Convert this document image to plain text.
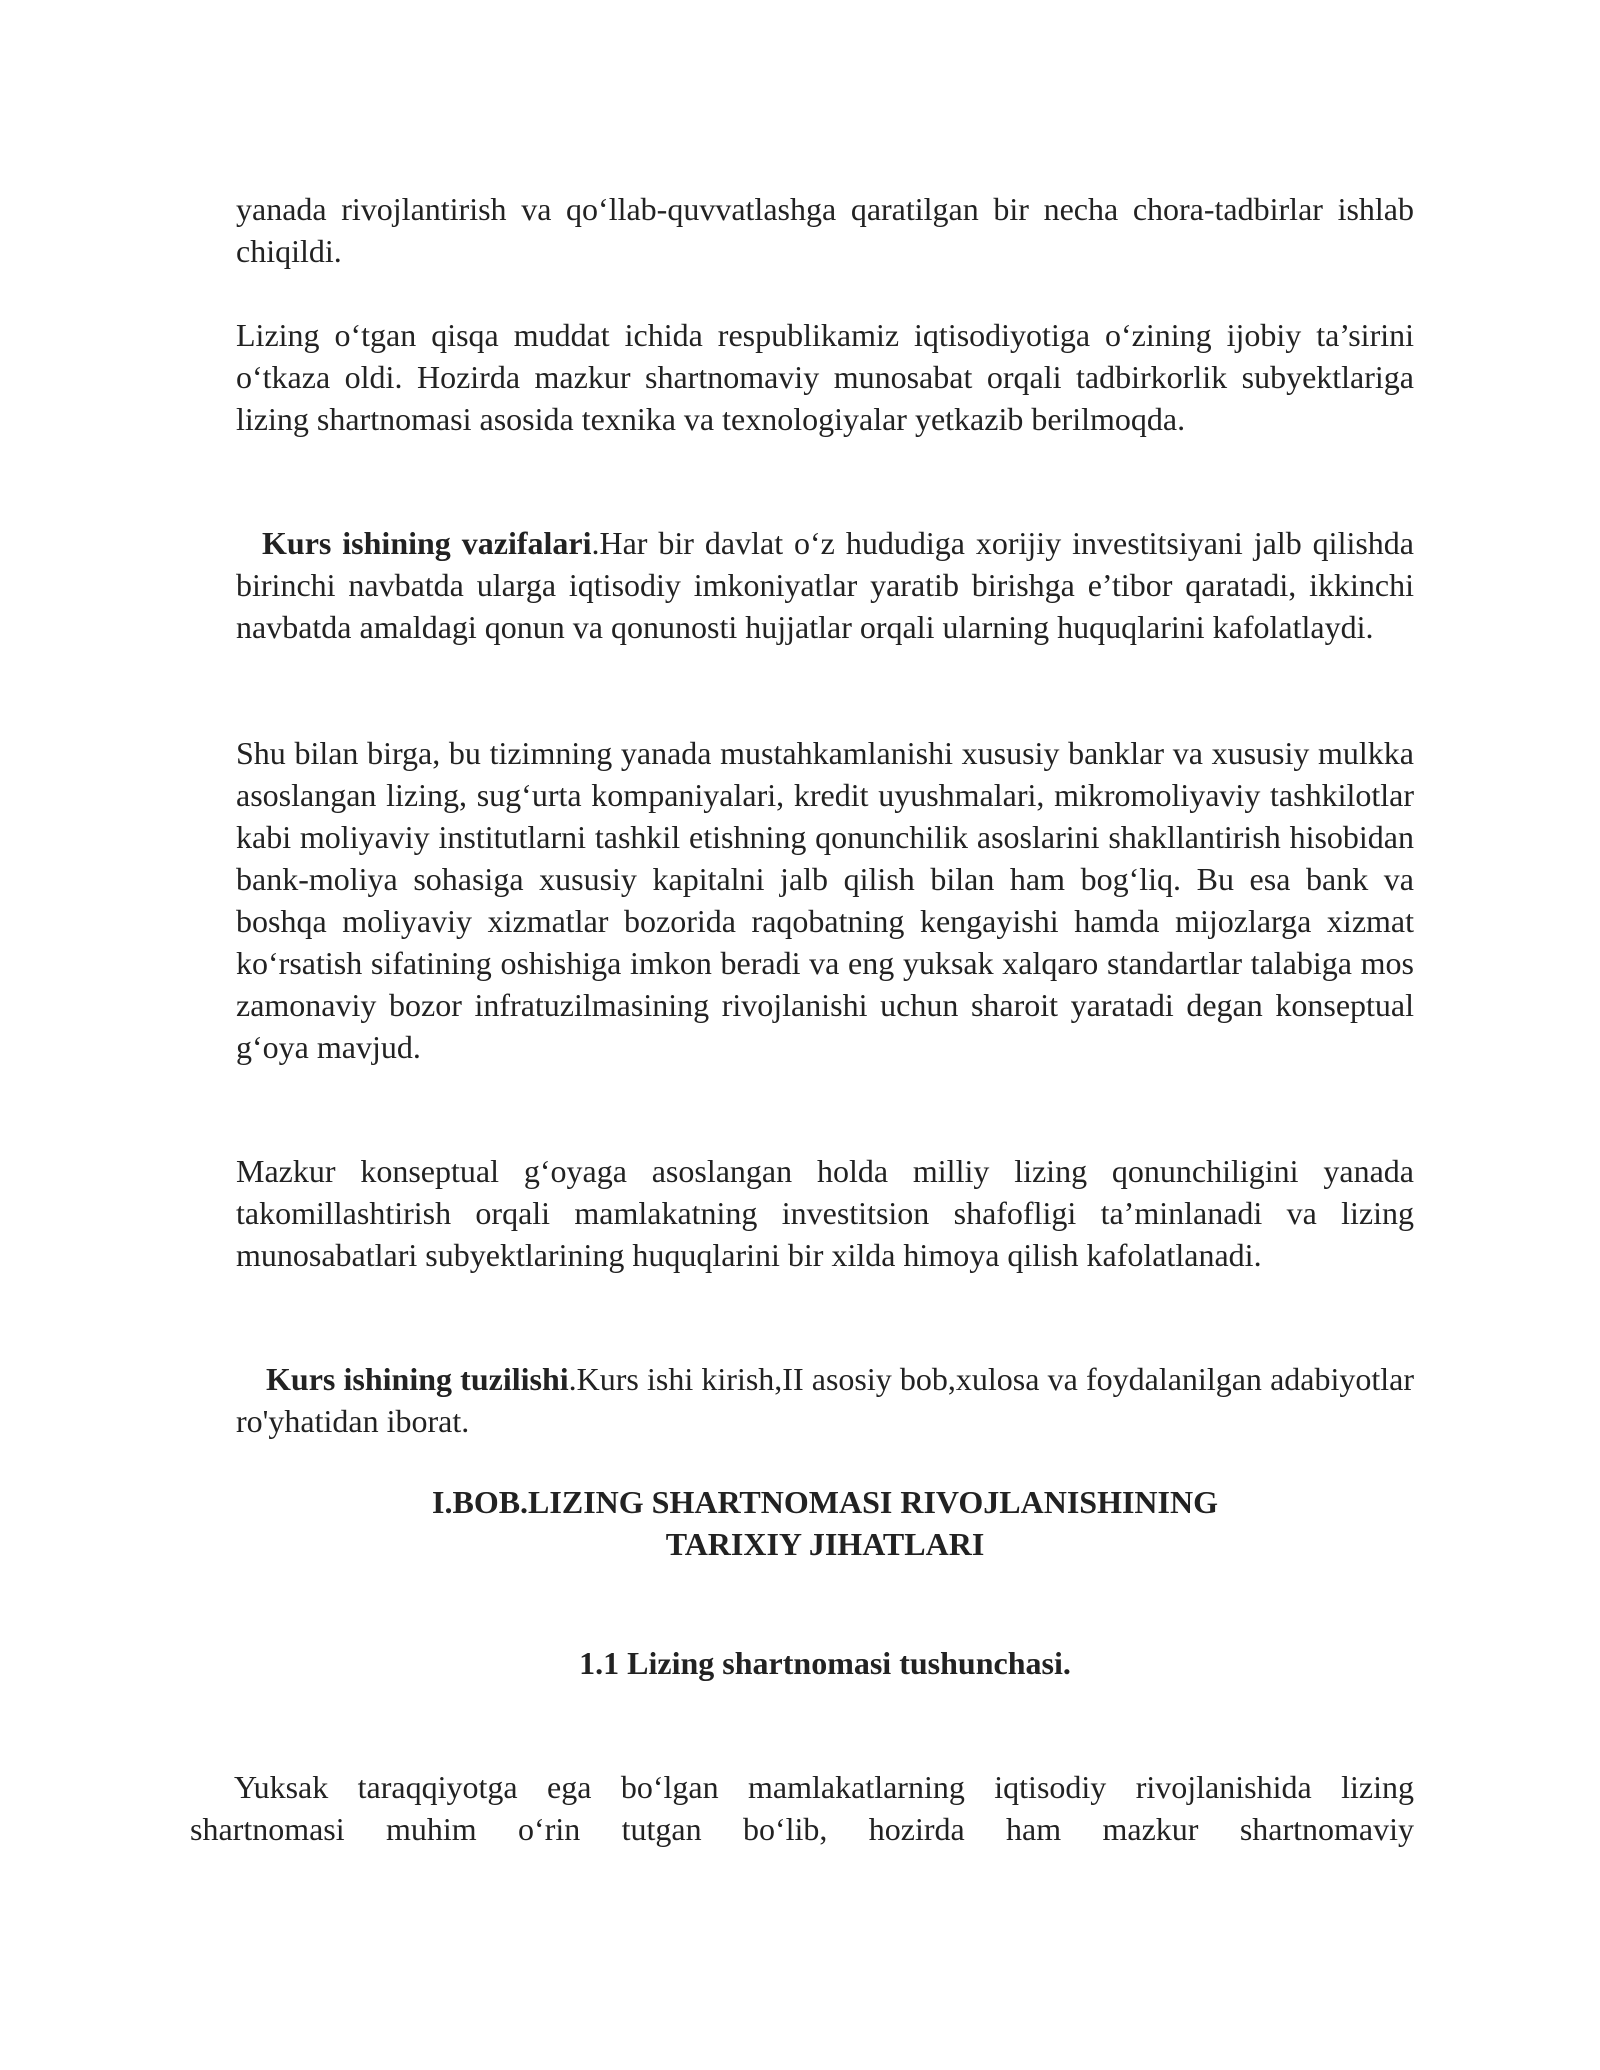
yanada rivojlantirish va qo‘llab-quvvatlashga qaratilgan bir necha chora-tadbirlar ishlab chiqildi.

Lizing o‘tgan qisqa muddat ichida respublikamiz iqtisodiyotiga o‘zining ijobiy ta’sirini o‘tkaza oldi. Hozirda mazkur shartnomaviy munosabat orqali tadbirkorlik subyektlariga lizing shartnomasi asosida texnika va texnologiyalar yetkazib berilmoqda.

Kurs ishining vazifalari.Har bir davlat o‘z hududiga xorijiy investitsiyani jalb qilishda birinchi navbatda ularga iqtisodiy imkoniyatlar yaratib birishga e’tibor qaratadi, ikkinchi navbatda amaldagi qonun va qonunosti hujjatlar orqali ularning huquqlarini kafolatlaydi.

Shu bilan birga, bu tizimning yanada mustahkamlanishi xususiy banklar va xususiy mulkka asoslangan lizing, sug‘urta kompaniyalari, kredit uyushmalari, mikromoliyaviy tashkilotlar kabi moliyaviy institutlarni tashkil etishning qonunchilik asoslarini shakllantirish hisobidan bank-moliya sohasiga xususiy kapitalni jalb qilish bilan ham bog‘liq. Bu esa bank va boshqa moliyaviy xizmatlar bozorida raqobatning kengayishi hamda mijozlarga xizmat ko‘rsatish sifatining oshishiga imkon beradi va eng yuksak xalqaro standartlar talabiga mos zamonaviy bozor infratuzilmasining rivojlanishi uchun sharoit yaratadi degan konseptual g‘oya mavjud.

Mazkur konseptual g‘oyaga asoslangan holda milliy lizing qonunchiligini yanada takomillashtirish orqali mamlakatning investitsion shafofligi ta’minlanadi va lizing munosabatlari subyektlarining huquqlarini bir xilda himoya qilish kafolatlanadi.

Kurs ishining tuzilishi.Kurs ishi kirish,II asosiy bob,xulosa va foydalanilgan adabiyotlar ro'yhatidan iborat.

I.BOB.LIZING SHARTNOMASI RIVOJLANISHINING
TARIXIY JIHATLARI
1.1 Lizing shartnomasi tushunchasi.

Yuksak taraqqiyotga ega bo‘lgan mamlakatlarning iqtisodiy rivojlanishida lizing shartnomasi muhim o‘rin tutgan bo‘lib, hozirda ham mazkur shartnomaviy
